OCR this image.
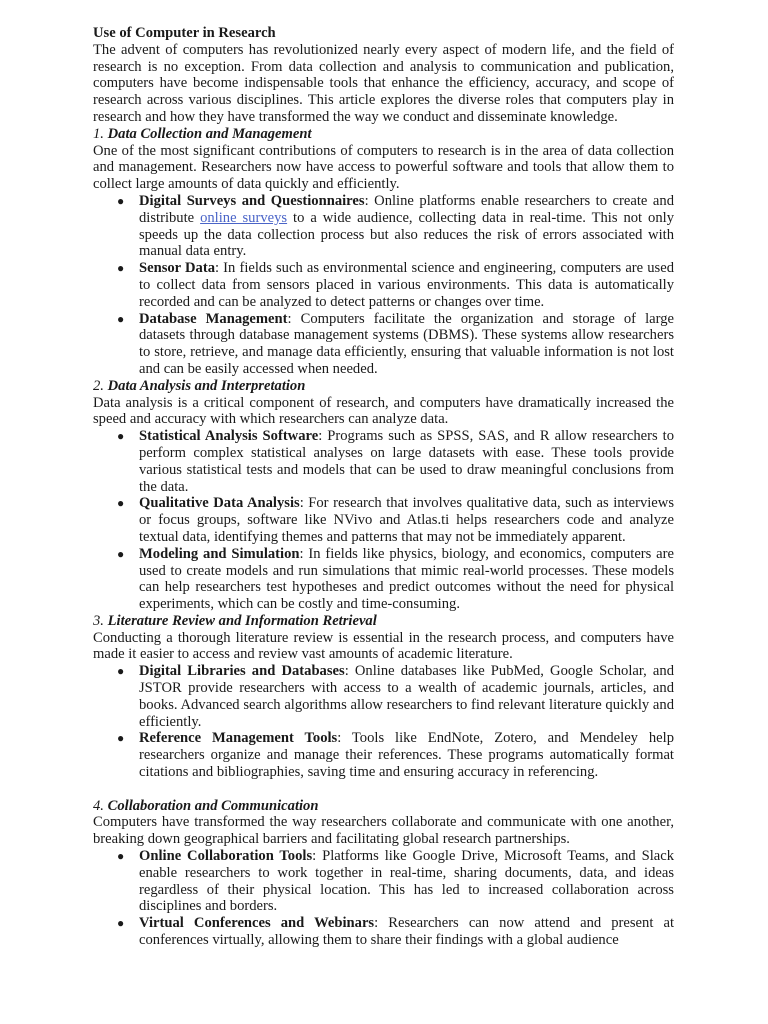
Use of Computer in Research

The advent of computers has revolutionized nearly every aspect of modern life, and the field of research is no exception. From data collection and analysis to communication and publication, computers have become indispensable tools that enhance the efficiency, accuracy, and scope of research across various disciplines. This article explores the diverse roles that computers play in research and how they have transformed the way we conduct and disseminate knowledge.

1. Data Collection and Management

One of the most significant contributions of computers to research is in the area of data collection and management. Researchers now have access to powerful software and tools that allow them to collect large amounts of data quickly and efficiently.

● Digital Surveys and Questionnaires: Online platforms enable researchers to create and distribute online surveys to a wide audience, collecting data in real-time. This not only speeds up the data collection process but also reduces the risk of errors associated with manual data entry.
● Sensor Data: In fields such as environmental science and engineering, computers are used to collect data from sensors placed in various environments. This data is automatically recorded and can be analyzed to detect patterns or changes over time.
● Database Management: Computers facilitate the organization and storage of large datasets through database management systems (DBMS). These systems allow researchers to store, retrieve, and manage data efficiently, ensuring that valuable information is not lost and can be easily accessed when needed.
2. Data Analysis and Interpretation

Data analysis is a critical component of research, and computers have dramatically increased the speed and accuracy with which researchers can analyze data.

● Statistical Analysis Software: Programs such as SPSS, SAS, and R allow researchers to perform complex statistical analyses on large datasets with ease. These tools provide various statistical tests and models that can be used to draw meaningful conclusions from the data.
● Qualitative Data Analysis: For research that involves qualitative data, such as interviews or focus groups, software like NVivo and Atlas.ti helps researchers code and analyze textual data, identifying themes and patterns that may not be immediately apparent.
● Modeling and Simulation: In fields like physics, biology, and economics, computers are used to create models and run simulations that mimic real-world processes. These models can help researchers test hypotheses and predict outcomes without the need for physical experiments, which can be costly and time-consuming.
3. Literature Review and Information Retrieval

Conducting a thorough literature review is essential in the research process, and computers have made it easier to access and review vast amounts of academic literature.

● Digital Libraries and Databases: Online databases like PubMed, Google Scholar, and JSTOR provide researchers with access to a wealth of academic journals, articles, and books. Advanced search algorithms allow researchers to find relevant literature quickly and efficiently.
● Reference Management Tools: Tools like EndNote, Zotero, and Mendeley help researchers organize and manage their references. These programs automatically format citations and bibliographies, saving time and ensuring accuracy in referencing.
4. Collaboration and Communication

Computers have transformed the way researchers collaborate and communicate with one another, breaking down geographical barriers and facilitating global research partnerships.

● Online Collaboration Tools: Platforms like Google Drive, Microsoft Teams, and Slack enable researchers to work together in real-time, sharing documents, data, and ideas regardless of their physical location. This has led to increased collaboration across disciplines and borders.
● Virtual Conferences and Webinars: Researchers can now attend and present at conferences virtually, allowing them to share their findings with a global audience
